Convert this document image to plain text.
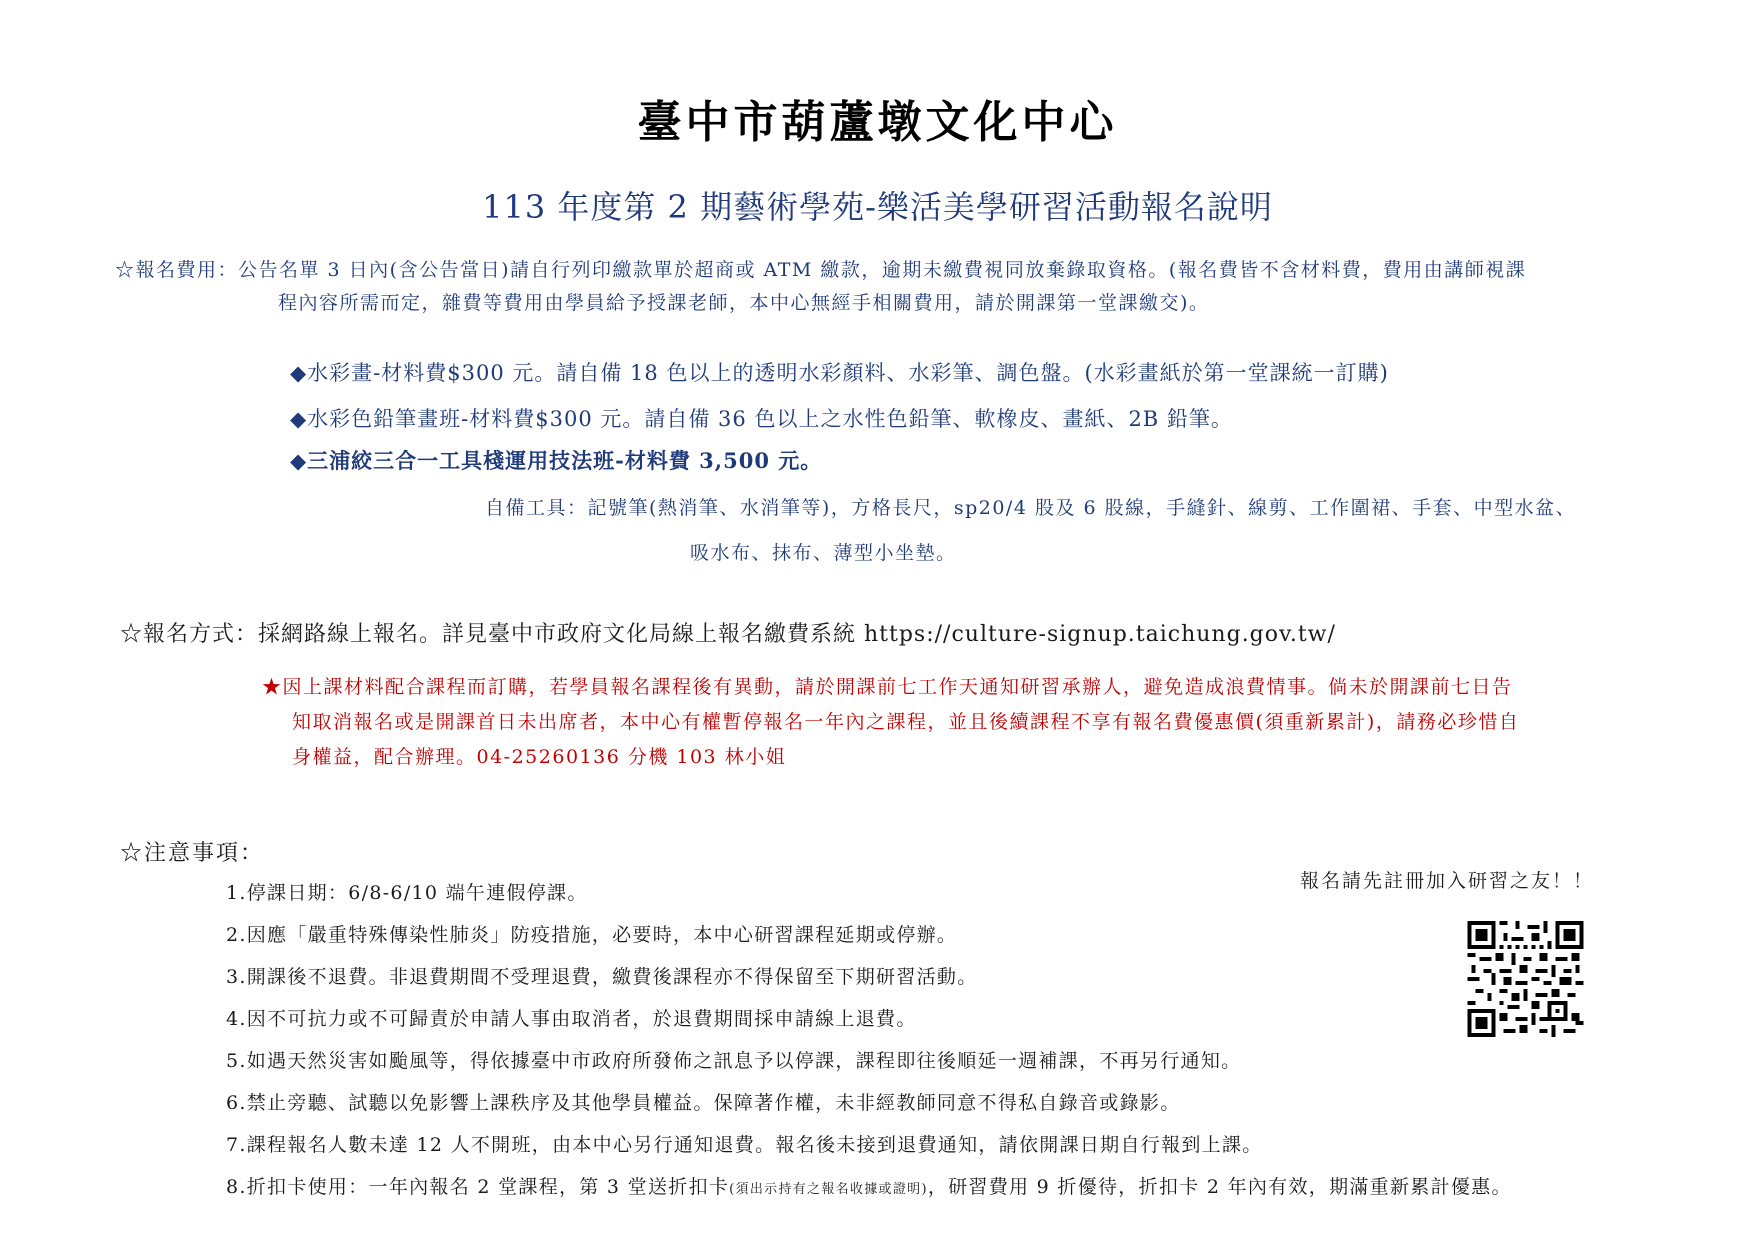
臺中市葫蘆墩文化中心
113 年度第 2 期藝術學苑-樂活美學研習活動報名說明
☆報名費用：公告名單 3 日內(含公告當日)請自行列印繳款單於超商或 ATM 繳款，逾期未繳費視同放棄錄取資格。(報名費皆不含材料費，費用由講師視課
程內容所需而定，雜費等費用由學員給予授課老師，本中心無經手相關費用，請於開課第一堂課繳交)。
◆水彩畫-材料費$300 元。請自備 18 色以上的透明水彩顏料、水彩筆、調色盤。(水彩畫紙於第一堂課統一訂購)
◆水彩色鉛筆畫班-材料費$300 元。請自備 36 色以上之水性色鉛筆、軟橡皮、畫紙、2B 鉛筆。
◆三浦絞三合一工具棧運用技法班-材料費 3,500 元。
自備工具：記號筆(熱消筆、水消筆等)，方格長尺，sp20/4 股及 6 股線，手縫針、線剪、工作圍裙、手套、中型水盆、
吸水布、抹布、薄型小坐墊。
☆報名方式：採網路線上報名。詳見臺中市政府文化局線上報名繳費系統 https://culture-signup.taichung.gov.tw/
★因上課材料配合課程而訂購，若學員報名課程後有異動，請於開課前七工作天通知研習承辦人，避免造成浪費情事。倘未於開課前七日告
知取消報名或是開課首日未出席者，本中心有權暫停報名一年內之課程，並且後續課程不享有報名費優惠價(須重新累計)，請務必珍惜自
身權益，配合辦理。04-25260136 分機 103 林小姐
☆注意事項：
1.停課日期：6/8-6/10 端午連假停課。
2.因應「嚴重特殊傳染性肺炎」防疫措施，必要時，本中心研習課程延期或停辦。
3.開課後不退費。非退費期間不受理退費，繳費後課程亦不得保留至下期研習活動。
4.因不可抗力或不可歸責於申請人事由取消者，於退費期間採申請線上退費。
5.如遇天然災害如颱風等，得依據臺中市政府所發佈之訊息予以停課，課程即往後順延一週補課，不再另行通知。
6.禁止旁聽、試聽以免影響上課秩序及其他學員權益。保障著作權，未非經教師同意不得私自錄音或錄影。
7.課程報名人數未達 12 人不開班，由本中心另行通知退費。報名後未接到退費通知，請依開課日期自行報到上課。
8.折扣卡使用：一年內報名 2 堂課程，第 3 堂送折扣卡(須出示持有之報名收據或證明)，研習費用 9 折優待，折扣卡 2 年內有效，期滿重新累計優惠。
報名請先註冊加入研習之友！！
